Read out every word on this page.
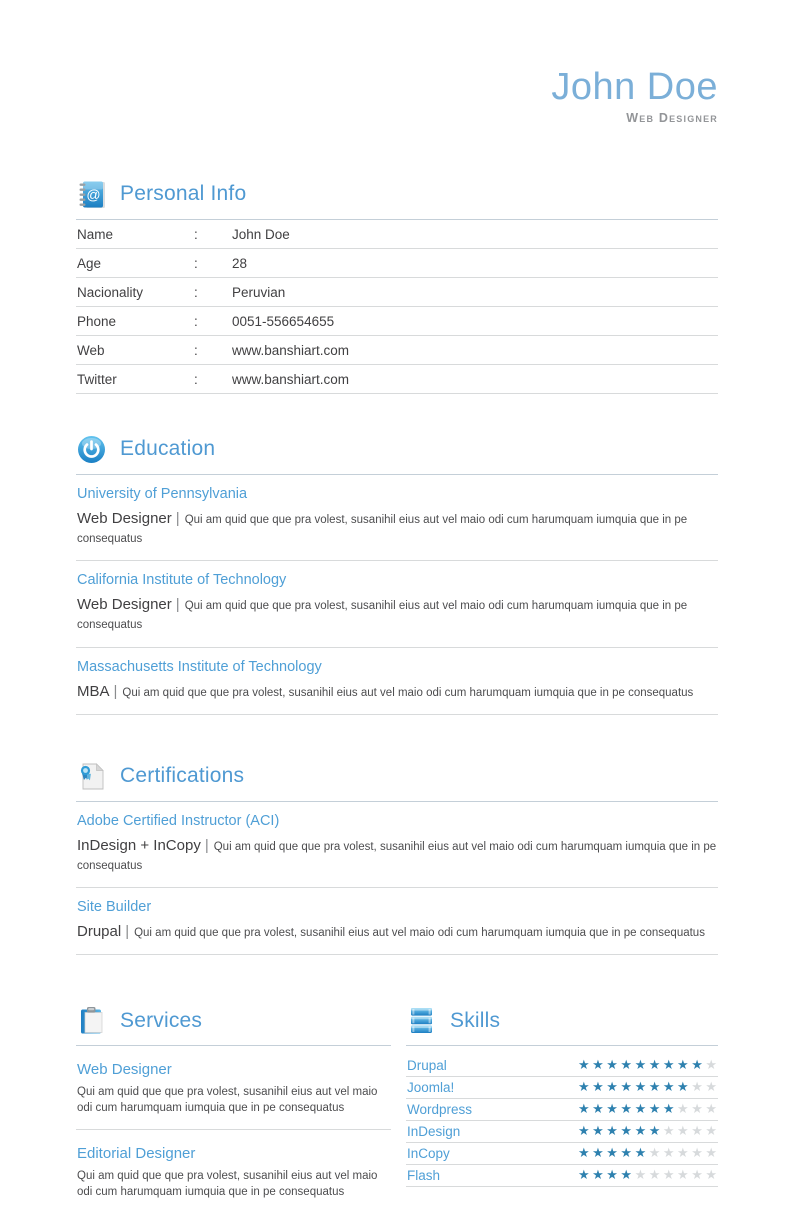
John Doe
Web Designer
@ Personal Info
Name	:	John Doe
Age	:	28
Nacionality	:	Peruvian
Phone	:	0051-556654655
Web	:	www.banshiart.com
Twitter	:	www.banshiart.com
Education
University of Pennsylvania
Web Designer | Qui am quid que que pra volest, susanihil eius aut vel maio odi cum harumquam iumquia que in pe consequatus
California Institute of Technology
Web Designer | Qui am quid que que pra volest, susanihil eius aut vel maio odi cum harumquam iumquia que in pe consequatus
Massachusetts Institute of Technology
MBA | Qui am quid que que pra volest, susanihil eius aut vel maio odi cum harumquam iumquia que in pe consequatus
Certifications
Adobe Certified Instructor (ACI)
InDesign + InCopy | Qui am quid que que pra volest, susanihil eius aut vel maio odi cum harumquam iumquia que in pe consequatus
Site Builder
Drupal | Qui am quid que que pra volest, susanihil eius aut vel maio odi cum harumquam iumquia que in pe consequatus
Services
Web Designer
Qui am quid que que pra volest, susanihil eius aut vel maio odi cum harumquam iumquia que in pe consequatus
Editorial Designer
Qui am quid que que pra volest, susanihil eius aut vel maio odi cum harumquam iumquia que in pe consequatus
Skills
Drupal	★ ★ ★ ★ ★ ★ ★ ★ ★ ★
Joomla!	★ ★ ★ ★ ★ ★ ★ ★ ★ ★
Wordpress	★ ★ ★ ★ ★ ★ ★ ★ ★ ★
InDesign	★ ★ ★ ★ ★ ★ ★ ★ ★ ★
InCopy	★ ★ ★ ★ ★ ★ ★ ★ ★ ★
Flash	★ ★ ★ ★ ★ ★ ★ ★ ★ ★
